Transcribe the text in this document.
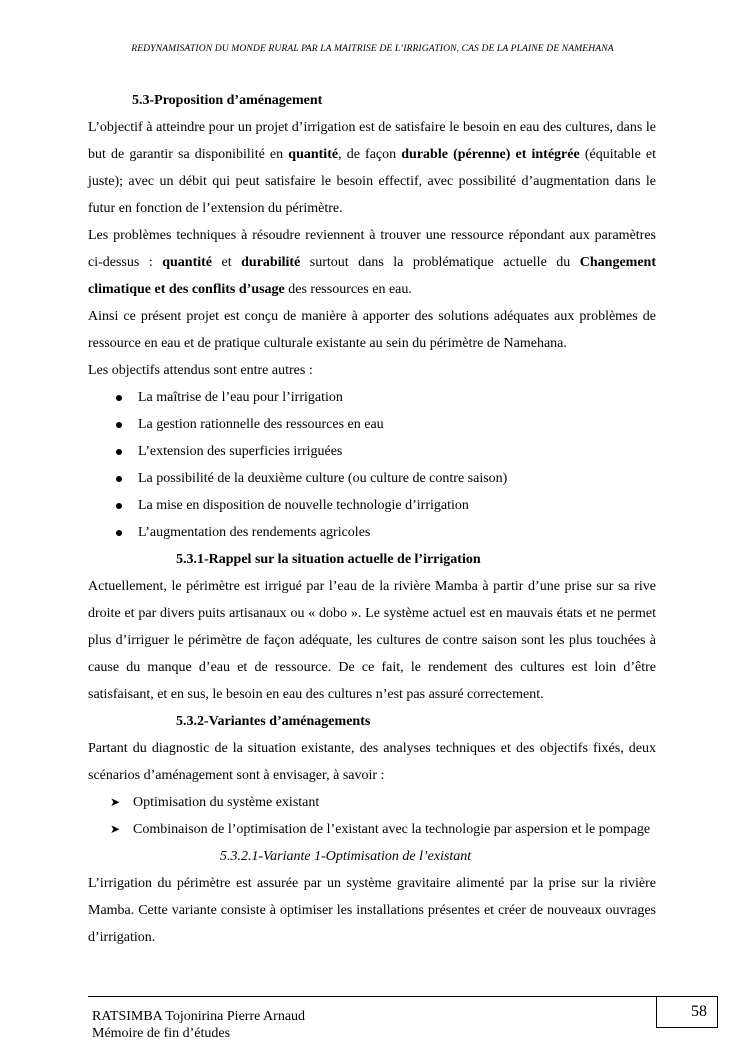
REDYNAMISATION DU MONDE RURAL PAR LA MAITRISE DE L’IRRIGATION, CAS DE LA PLAINE DE NAMEHANA

5.3-Proposition d’aménagement

L’objectif à atteindre pour un projet d’irrigation est de satisfaire le besoin en eau des cultures, dans le but de garantir sa disponibilité en quantité, de façon durable (pérenne) et intégrée (équitable et juste); avec un débit qui peut satisfaire le besoin effectif, avec possibilité d’augmentation dans le futur en fonction de l’extension du périmètre.

Les problèmes techniques à résoudre reviennent à trouver une ressource répondant aux paramètres ci-dessus : quantité et durabilité surtout dans la problématique actuelle du Changement climatique et des conflits d’usage des ressources en eau.

Ainsi ce présent projet est conçu de manière à apporter des solutions adéquates aux problèmes de ressource en eau et de pratique culturale existante au sein du périmètre de Namehana.

Les objectifs attendus sont entre autres :

La maîtrise de l’eau pour l’irrigation
La gestion rationnelle des ressources en eau
L’extension des superficies irriguées
La possibilité de la deuxième culture (ou culture de contre saison)
La mise en disposition de nouvelle technologie d’irrigation
L’augmentation des rendements agricoles

5.3.1-Rappel sur la situation actuelle de l’irrigation

Actuellement, le périmètre est irrigué par l’eau de la rivière Mamba à partir d’une prise sur sa rive droite et par divers puits artisanaux ou « dobo ». Le système actuel est en mauvais états et ne permet plus d’irriguer le périmètre de façon adéquate, les cultures de contre saison sont les plus touchées à cause du manque d’eau et de ressource. De ce fait, le rendement des cultures est loin d’être satisfaisant, et en sus, le besoin en eau des cultures n’est pas assuré correctement.

5.3.2-Variantes d’aménagements

Partant du diagnostic de la situation existante, des analyses techniques et des objectifs fixés, deux scénarios d’aménagement sont à envisager, à savoir :

➤ Optimisation du système existant
➤ Combinaison de l’optimisation de l’existant avec la technologie par aspersion et le pompage

5.3.2.1-Variante 1-Optimisation de l’existant

L’irrigation du périmètre est assurée par un système gravitaire alimenté par la prise sur la rivière Mamba. Cette variante consiste à optimiser les installations présentes et créer de nouveaux ouvrages d’irrigation.

58
RATSIMBA Tojonirina Pierre Arnaud
Mémoire de fin d’études
